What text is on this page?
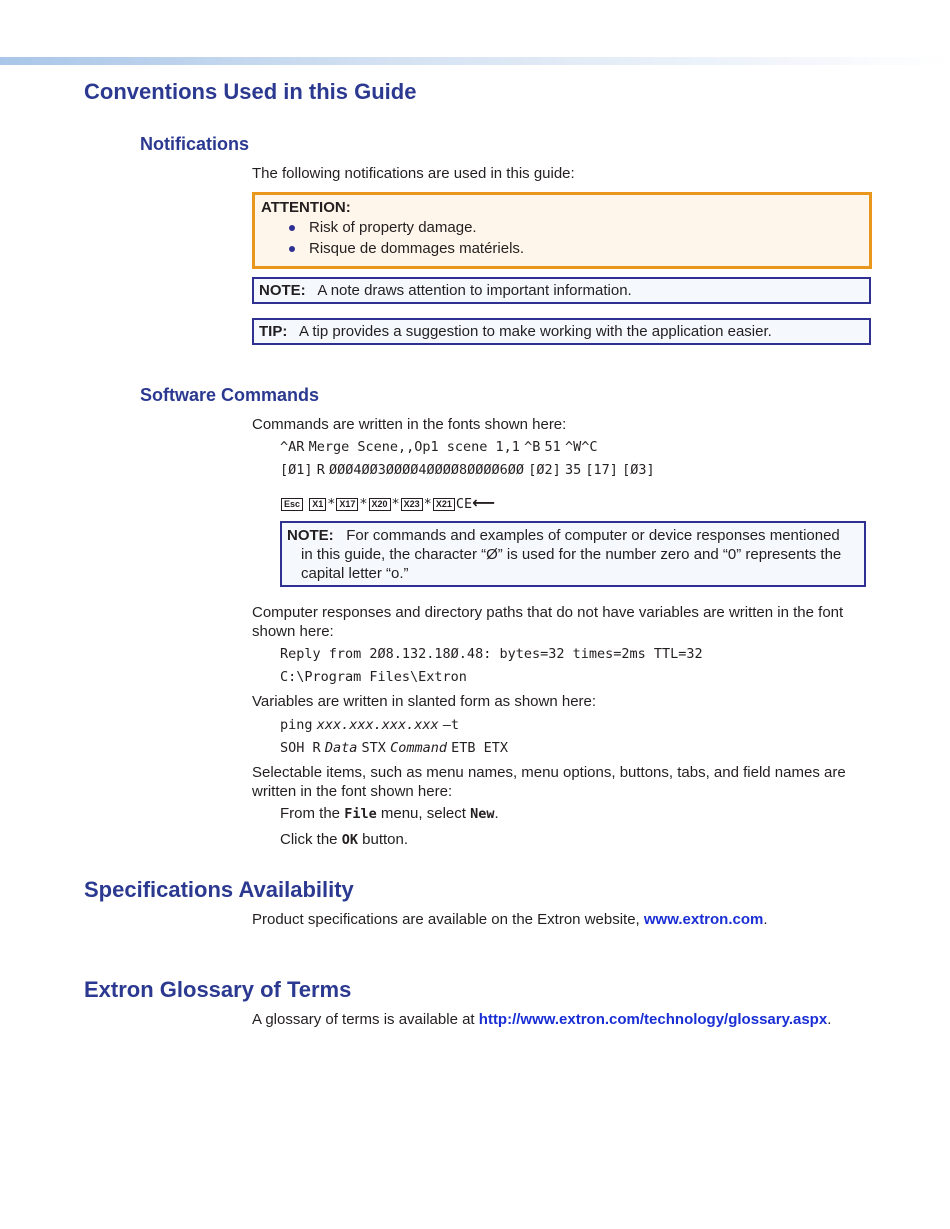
Conventions Used in this Guide
Notifications

The following notifications are used in this guide:

ATTENTION:
Risk of property damage.
Risque de dommages matériels.
NOTE: A note draws attention to important information.
TIP: A tip provides a suggestion to make working with the application easier.
Software Commands

Commands are written in the fonts shown here:

^AR Merge Scene,,Op1 scene 1,1 ^B 51 ^W^C
[Ø1] R ØØØ4ØØ3ØØØØ4ØØØØ8ØØØØ6ØØ [Ø2] 35 [17] [Ø3]
Esc X1 * X17 * X20 * X23 * X21 CE⟵
NOTE: For commands and examples of computer or device responses mentioned
in this guide, the character “Ø” is used for the number zero and “0” represents the
capital letter “o.”

Computer responses and directory paths that do not have variables are written in the font

shown here:

Reply from 2Ø8.132.18Ø.48: bytes=32 times=2ms TTL=32
C:\Program Files\Extron

Variables are written in slanted form as shown here:

ping xxx.xxx.xxx.xxx —t
SOH R Data STX Command ETB ETX

Selectable items, such as menu names, menu options, buttons, tabs, and field names are

written in the font shown here:

From the File menu, select New.
Click the OK button.
Specifications Availability

Product specifications are available on the Extron website, www.extron.com.

Extron Glossary of Terms

A glossary of terms is available at http://www.extron.com/technology/glossary.aspx.
